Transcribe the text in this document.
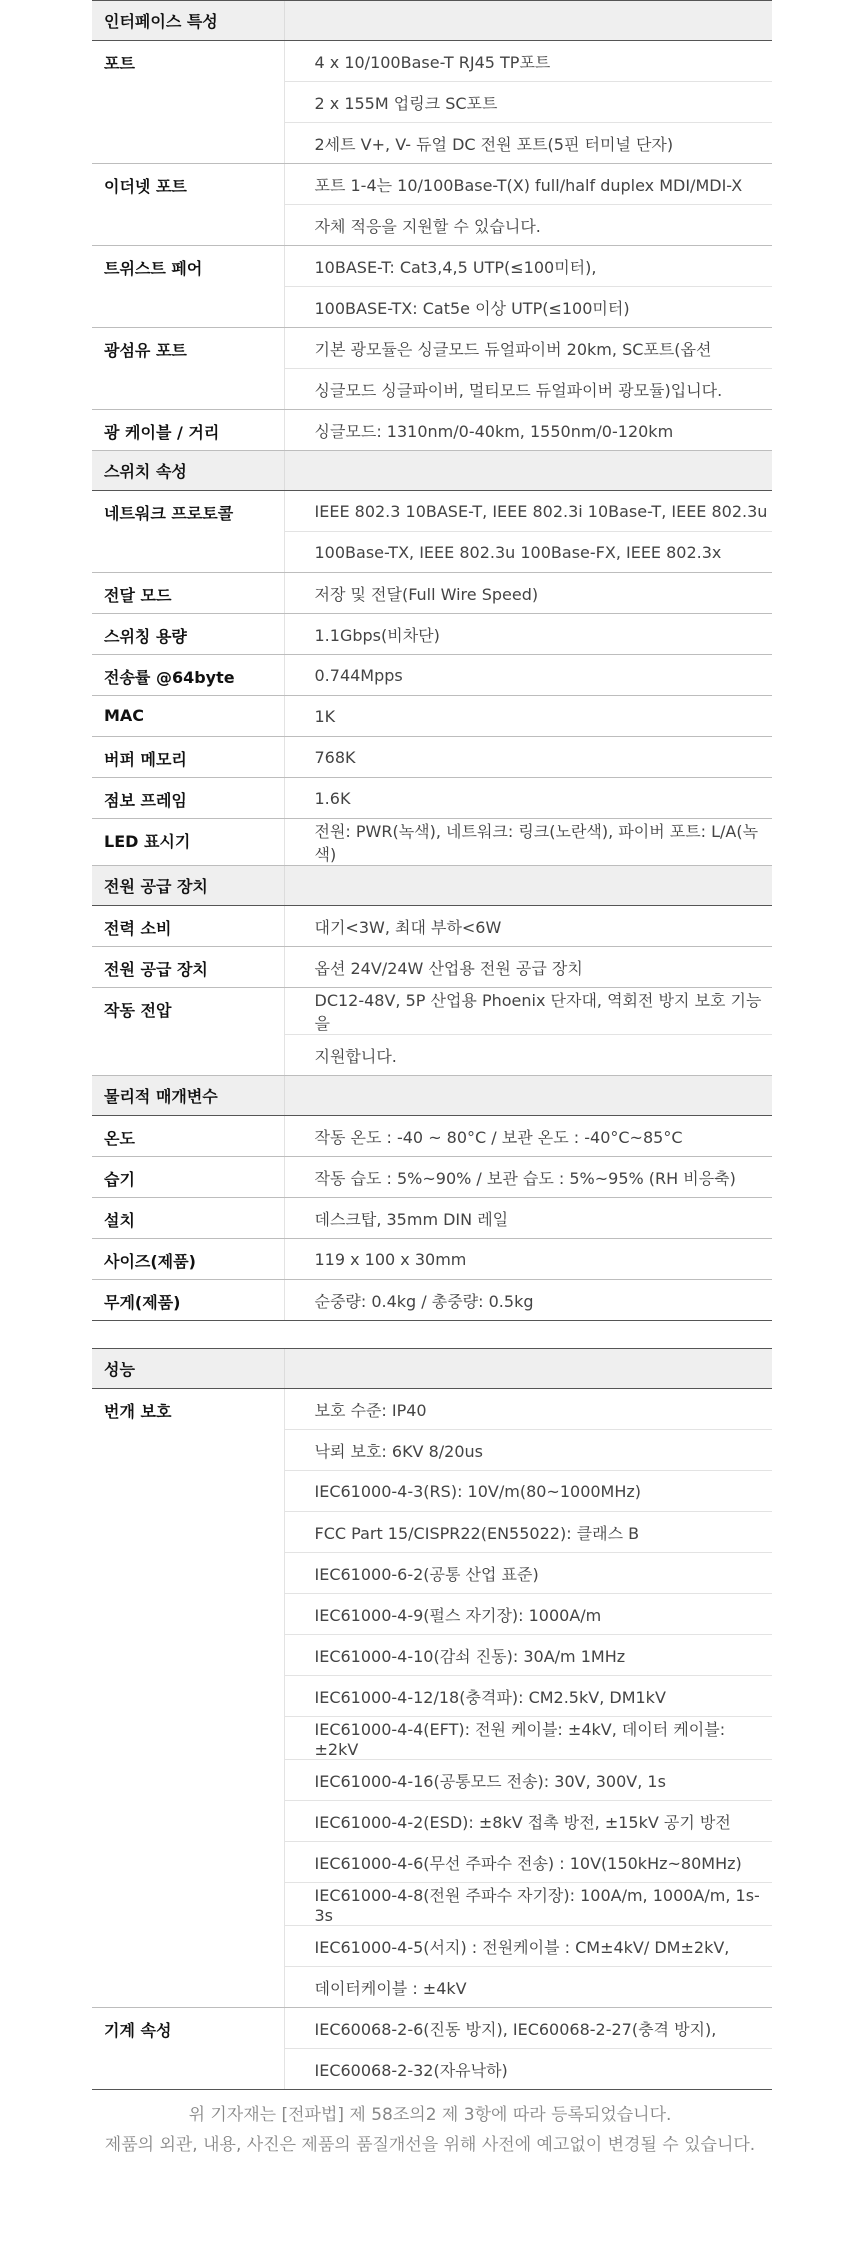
인터페이스 특성	
포트	4 x 10/100Base-T RJ45 TP포트
	2 x 155M 업링크 SC포트
	2세트 V+, V- 듀얼 DC 전원 포트(5핀 터미널 단자)
이더넷 포트	포트 1-4는 10/100Base-T(X) full/half duplex MDI/MDI-X
	자체 적응을 지원할 수 있습니다.
트위스트 페어	10BASE-T: Cat3,4,5 UTP(≤100미터),
	100BASE-TX: Cat5e 이상 UTP(≤100미터)
광섬유 포트	기본 광모듈은 싱글모드 듀얼파이버 20km, SC포트(옵션
	싱글모드 싱글파이버, 멀티모드 듀얼파이버 광모듈)입니다.
광 케이블 / 거리	싱글모드: 1310nm/0-40km, 1550nm/0-120km
스위치 속성	
네트워크 프로토콜	IEEE 802.3 10BASE-T, IEEE 802.3i 10Base-T, IEEE 802.3u
	100Base-TX, IEEE 802.3u 100Base-FX, IEEE 802.3x
전달 모드	저장 및 전달(Full Wire Speed)
스위칭 용량	1.1Gbps(비차단)
전송률 @64byte	0.744Mpps
MAC	1K
버퍼 메모리	768K
점보 프레임	1.6K
LED 표시기	전원: PWR(녹색), 네트워크: 링크(노란색), 파이버 포트: L/A(녹색)
전원 공급 장치	
전력 소비	대기<3W, 최대 부하<6W
전원 공급 장치	옵션 24V/24W 산업용 전원 공급 장치
작동 전압	DC12-48V, 5P 산업용 Phoenix 단자대, 역회전 방지 보호 기능을
	지원합니다.
물리적 매개변수	
온도	작동 온도 : -40 ~ 80°C / 보관 온도 : -40°C~85°C
습기	작동 습도 : 5%~90% / 보관 습도 : 5%~95% (RH 비응축)
설치	데스크탑, 35mm DIN 레일
사이즈(제품)	119 x 100 x 30mm
무게(제품)	순중량: 0.4kg / 총중량: 0.5kg
성능	
번개 보호	보호 수준: IP40
	낙뢰 보호: 6KV 8/20us
	IEC61000-4-3(RS): 10V/m(80~1000MHz)
	FCC Part 15/CISPR22(EN55022): 클래스 B
	IEC61000-6-2(공통 산업 표준)
	IEC61000-4-9(펄스 자기장): 1000A/m
	IEC61000-4-10(감쇠 진동): 30A/m 1MHz
	IEC61000-4-12/18(충격파): CM2.5kV, DM1kV
	IEC61000-4-4(EFT): 전원 케이블: ±4kV, 데이터 케이블: ±2kV
	IEC61000-4-16(공통모드 전송): 30V, 300V, 1s
	IEC61000-4-2(ESD): ±8kV 접촉 방전, ±15kV 공기 방전
	IEC61000-4-6(무선 주파수 전송) : 10V(150kHz~80MHz)
	IEC61000-4-8(전원 주파수 자기장): 100A/m, 1000A/m, 1s-3s
	IEC61000-4-5(서지) : 전원케이블 : CM±4kV/ DM±2kV,
	데이터케이블 : ±4kV
기계 속성	IEC60068-2-6(진동 방지), IEC60068-2-27(충격 방지),
	IEC60068-2-32(자유낙하)
위 기자재는 [전파법] 제 58조의2 제 3항에 따라 등록되었습니다.
제품의 외관, 내용, 사진은 제품의 품질개선을 위해 사전에 예고없이 변경될 수 있습니다.
